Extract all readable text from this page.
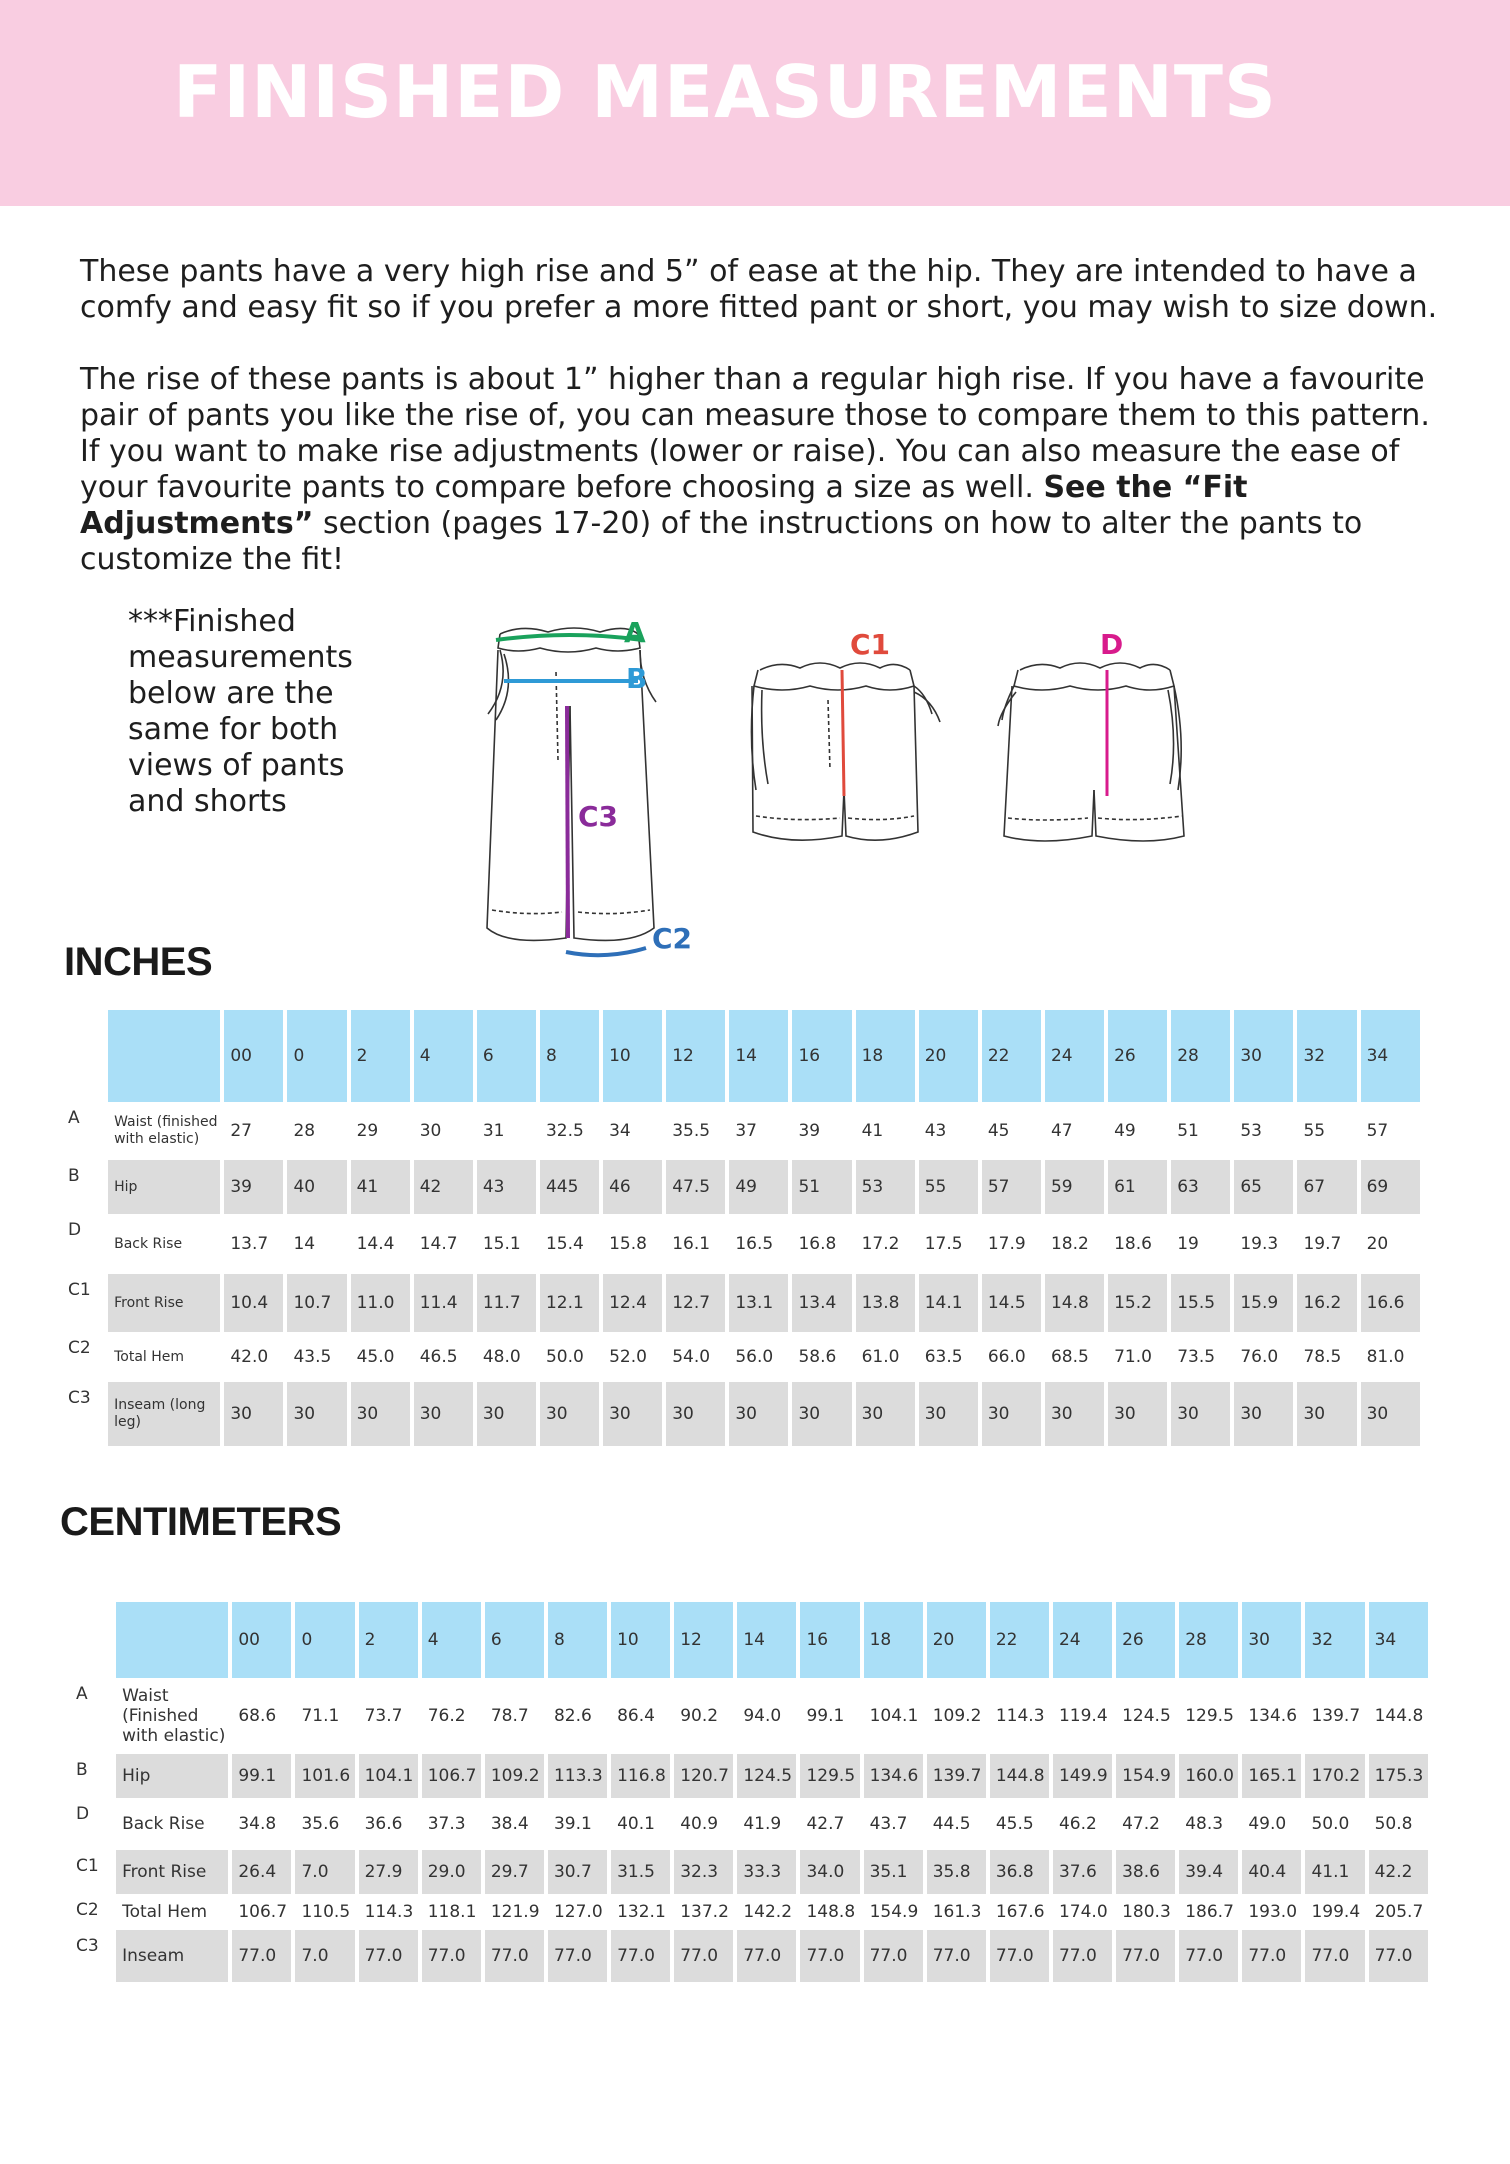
FINISHED MEASUREMENTS

These pants have a very high rise and 5” of ease at the hip. They are intended to have a comfy and easy fit so if you prefer a more fitted pant or short, you may wish to size down.

The rise of these pants is about 1” higher than a regular high rise. If you have a favourite pair of pants you like the rise of, you can measure those to compare them to this pattern. If you want to make rise adjustments (lower or raise). You can also measure the ease of your favourite pants to compare before choosing a size as well. See the “Fit Adjustments” section (pages 17-20) of the instructions on how to alter the pants to customize the fit!

***Finished measurements below are the same for both views of pants and shorts
A
B
C3
C2
C1	D
INCHES
		00	0	2	4	6	8	10	12	14	16	18	20	22	24	26	28	30	32	34
A	Waist (finished with elastic)	27	28	29	30	31	32.5	34	35.5	37	39	41	43	45	47	49	51	53	55	57
B	Hip	39	40	41	42	43	445	46	47.5	49	51	53	55	57	59	61	63	65	67	69
D	Back Rise	13.7	14	14.4	14.7	15.1	15.4	15.8	16.1	16.5	16.8	17.2	17.5	17.9	18.2	18.6	19	19.3	19.7	20
C1	Front Rise	10.4	10.7	11.0	11.4	11.7	12.1	12.4	12.7	13.1	13.4	13.8	14.1	14.5	14.8	15.2	15.5	15.9	16.2	16.6
C2	Total Hem	42.0	43.5	45.0	46.5	48.0	50.0	52.0	54.0	56.0	58.6	61.0	63.5	66.0	68.5	71.0	73.5	76.0	78.5	81.0
C3	Inseam (long leg)	30	30	30	30	30	30	30	30	30	30	30	30	30	30	30	30	30	30	30
CENTIMETERS
		00	0	2	4	6	8	10	12	14	16	18	20	22	24	26	28	30	32	34
A	Waist (Finished with elastic)	68.6	71.1	73.7	76.2	78.7	82.6	86.4	90.2	94.0	99.1	104.1	109.2	114.3	119.4	124.5	129.5	134.6	139.7	144.8
B	Hip	99.1	101.6	104.1	106.7	109.2	113.3	116.8	120.7	124.5	129.5	134.6	139.7	144.8	149.9	154.9	160.0	165.1	170.2	175.3
D	Back Rise	34.8	35.6	36.6	37.3	38.4	39.1	40.1	40.9	41.9	42.7	43.7	44.5	45.5	46.2	47.2	48.3	49.0	50.0	50.8
C1	Front Rise	26.4	7.0	27.9	29.0	29.7	30.7	31.5	32.3	33.3	34.0	35.1	35.8	36.8	37.6	38.6	39.4	40.4	41.1	42.2
C2	Total Hem	106.7	110.5	114.3	118.1	121.9	127.0	132.1	137.2	142.2	148.8	154.9	161.3	167.6	174.0	180.3	186.7	193.0	199.4	205.7
C3	Inseam	77.0	7.0	77.0	77.0	77.0	77.0	77.0	77.0	77.0	77.0	77.0	77.0	77.0	77.0	77.0	77.0	77.0	77.0	77.0
